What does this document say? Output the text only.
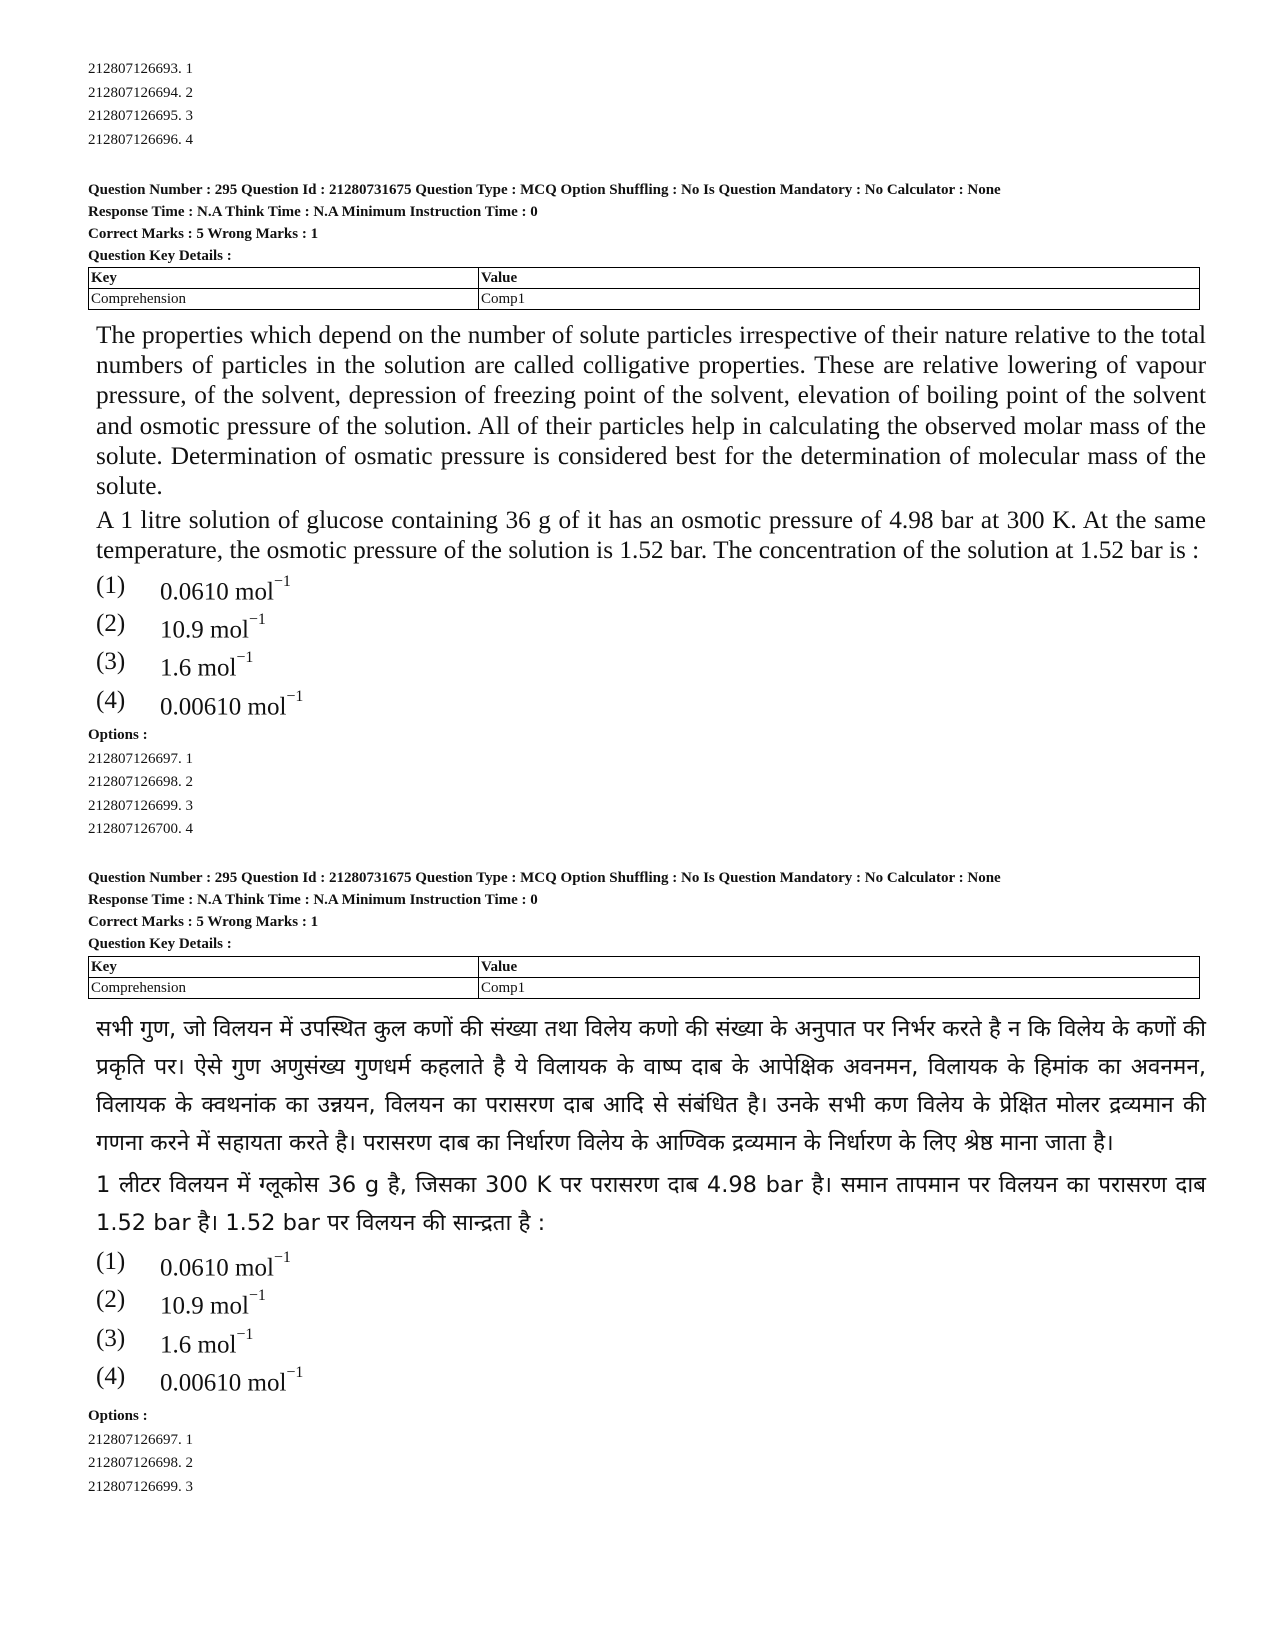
212807126693. 1
212807126694. 2
212807126695. 3
212807126696. 4
Question Number : 295 Question Id : 21280731675 Question Type : MCQ Option Shuffling : No Is Question Mandatory : No Calculator : None
Response Time : N.A Think Time : N.A Minimum Instruction Time : 0
Correct Marks : 5 Wrong Marks : 1
Question Key Details :
Key	Value
Comprehension	Comp1

The properties which depend on the number of solute particles irrespective of their nature relative to the total numbers of particles in the solution are called colligative properties. These are relative lowering of vapour pressure, of the solvent, depression of freezing point of the solvent, elevation of boiling point of the solvent and osmotic pressure of the solution. All of their particles help in calculating the observed molar mass of the solute. Determination of osmatic pressure is considered best for the determination of molecular mass of the solute.

A 1 litre solution of glucose containing 36 g of it has an osmotic pressure of 4.98 bar at 300 K. At the same temperature, the osmotic pressure of the solution is 1.52 bar. The concentration of the solution at 1.52 bar is :

(1)	0.0610 mol$^{-1}$
(2)	10.9 mol$^{-1}$
(3)	1.6 mol$^{-1}$
(4)	0.00610 mol$^{-1}$
Options :
212807126697. 1
212807126698. 2
212807126699. 3
212807126700. 4
Question Number : 295 Question Id : 21280731675 Question Type : MCQ Option Shuffling : No Is Question Mandatory : No Calculator : None
Response Time : N.A Think Time : N.A Minimum Instruction Time : 0
Correct Marks : 5 Wrong Marks : 1
Question Key Details :
Key	Value
Comprehension	Comp1

सभी गुण, जो विलयन में उपस्थित कुल कणों की संख्या तथा विलेय कणो की संख्या के अनुपात पर निर्भर करते है न कि विलेय के कणों की प्रकृति पर। ऐसे गुण अणुसंख्य गुणधर्म कहलाते है ये विलायक के वाष्प दाब के आपेक्षिक अवनमन, विलायक के हिमांक का अवनमन, विलायक के क्वथनांक का उन्नयन, विलयन का परासरण दाब आदि से संबंधित है। उनके सभी कण विलेय के प्रेक्षित मोलर द्रव्यमान की गणना करने में सहायता करते है। परासरण दाब का निर्धारण विलेय के आण्विक द्रव्यमान के निर्धारण के लिए श्रेष्ठ माना जाता है।

1 लीटर विलयन में ग्लूकोस 36 g है, जिसका 300 K पर परासरण दाब 4.98 bar है। समान तापमान पर विलयन का परासरण दाब 1.52 bar है। 1.52 bar पर विलयन की सान्द्रता है :

(1)	0.0610 mol$^{-1}$
(2)	10.9 mol$^{-1}$
(3)	1.6 mol$^{-1}$
(4)	0.00610 mol$^{-1}$
Options :
212807126697. 1
212807126698. 2
212807126699. 3
